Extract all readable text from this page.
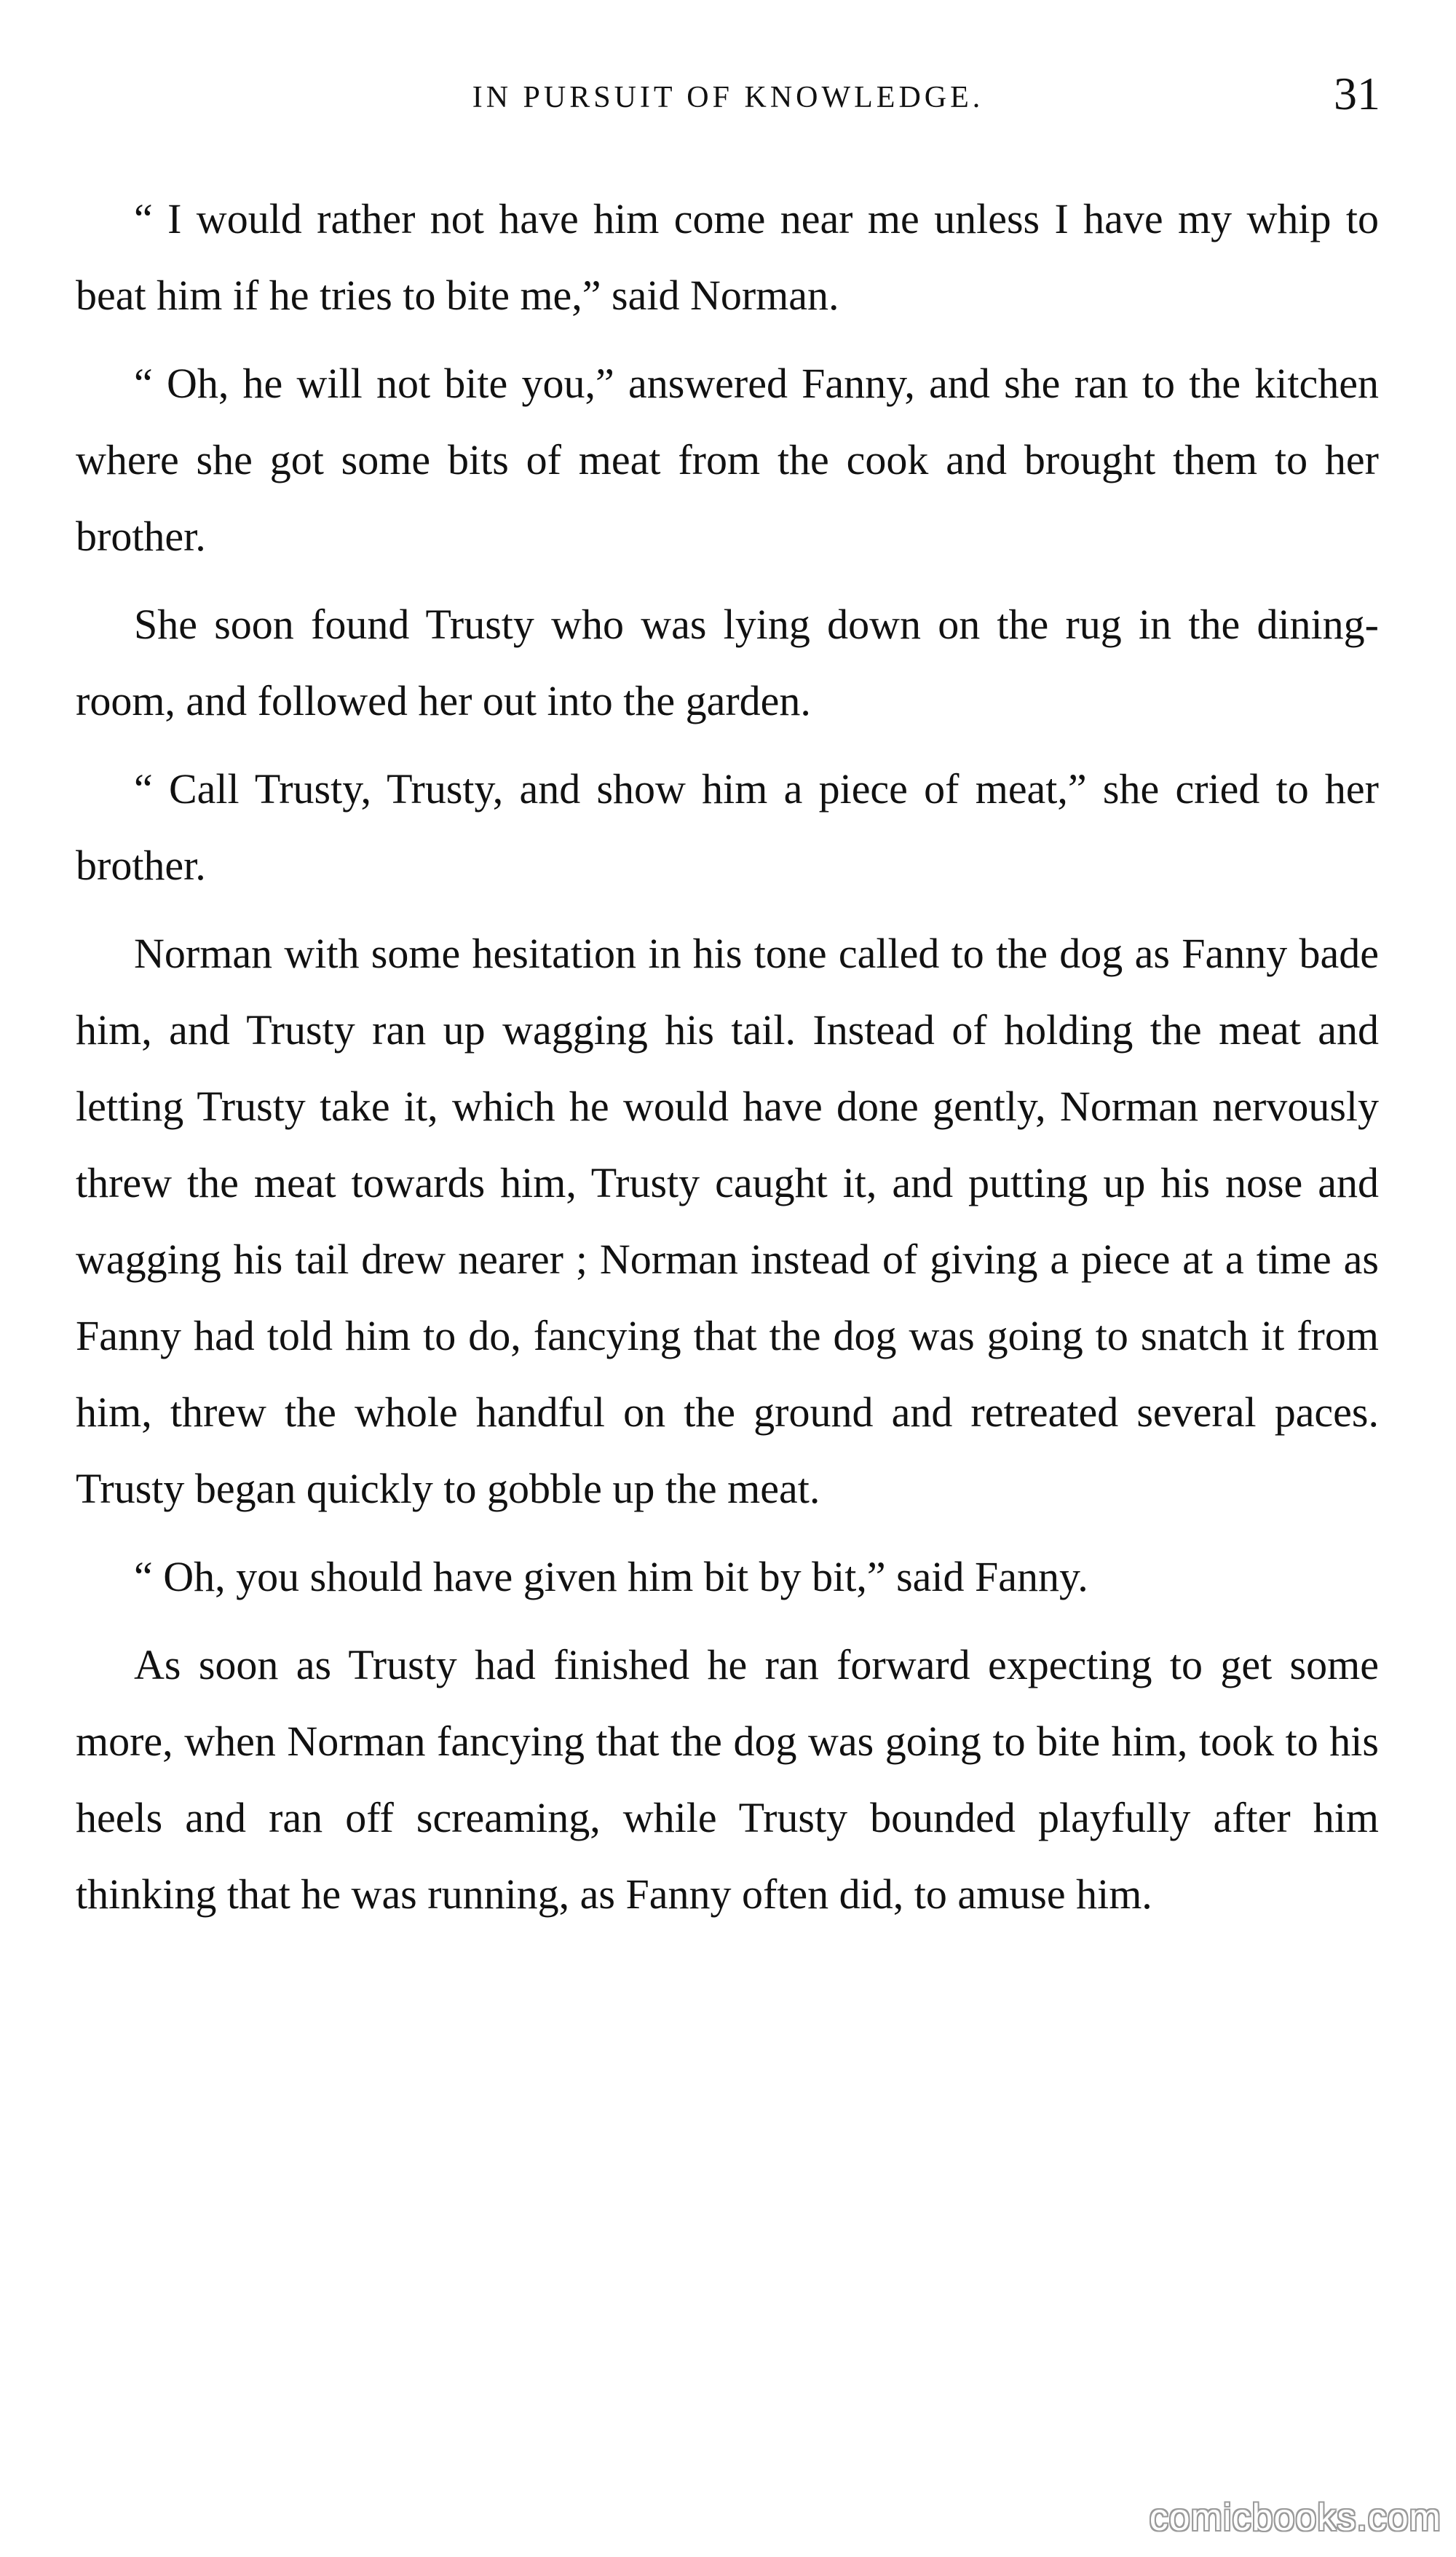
IN PURSUIT OF KNOWLEDGE.	31

“ I would rather not have him come near me unless I have my whip to beat him if he tries to bite me,” said Norman.

“ Oh, he will not bite you,” answered Fanny, and she ran to the kitchen where she got some bits of meat from the cook and brought them to her brother.

She soon found Trusty who was lying down on the rug in the dining-room, and followed her out into the garden.

“ Call Trusty, Trusty, and show him a piece of meat,” she cried to her brother.

Norman with some hesitation in his tone called to the dog as Fanny bade him, and Trusty ran up wagging his tail. Instead of holding the meat and letting Trusty take it, which he would have done gently, Norman nervously threw the meat towards him, Trusty caught it, and putting up his nose and wagging his tail drew nearer ; Norman instead of giving a piece at a time as Fanny had told him to do, fancying that the dog was going to snatch it from him, threw the whole handful on the ground and retreated several paces. Trusty began quickly to gobble up the meat.

“ Oh, you should have given him bit by bit,” said Fanny.

As soon as Trusty had finished he ran forward expecting to get some more, when Norman fancying that the dog was going to bite him, took to his heels and ran off screaming, while Trusty bounded playfully after him thinking that he was running, as Fanny often did, to amuse him.

comicbooks.com
